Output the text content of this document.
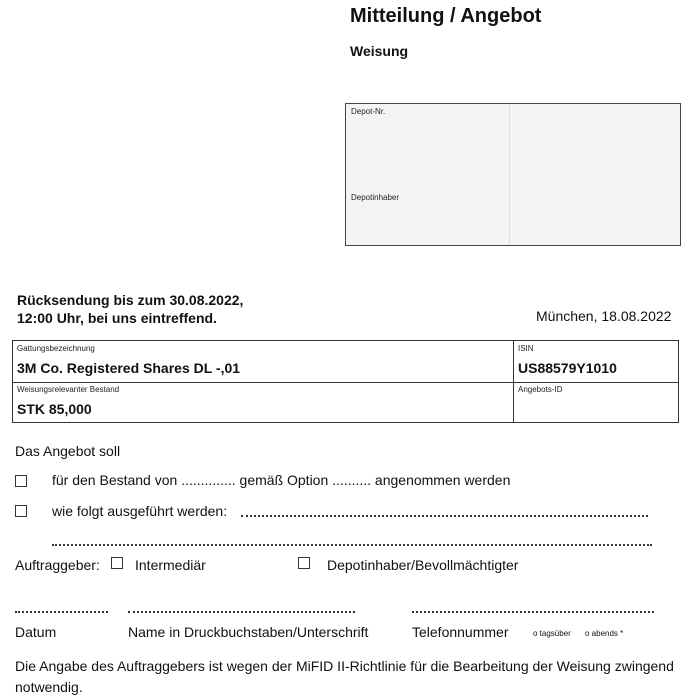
Mitteilung / Angebot
Weisung
Depot-Nr.
Depotinhaber
Rücksendung bis zum 30.08.2022,
12:00 Uhr, bei uns eintreffend.	München, 18.08.2022
Gattungsbezeichnung
3M Co. Registered Shares DL -,01
ISIN
US88579Y1010
Weisungsrelevanter Bestand
STK 85,000
Angebots-ID
Das Angebot soll
für den Bestand von .............. gemäß Option .......... angenommen werden
wie folgt ausgeführt werden:
Auftraggeber:	Intermediär	Depotinhaber/Bevollmächtigter
Datum	Name in Druckbuchstaben/Unterschrift	Telefonnummer	o tagsüber o abends *
Die Angabe des Auftraggebers ist wegen der MiFID II-Richtlinie für die Bearbeitung der Weisung zwingend notwendig.
